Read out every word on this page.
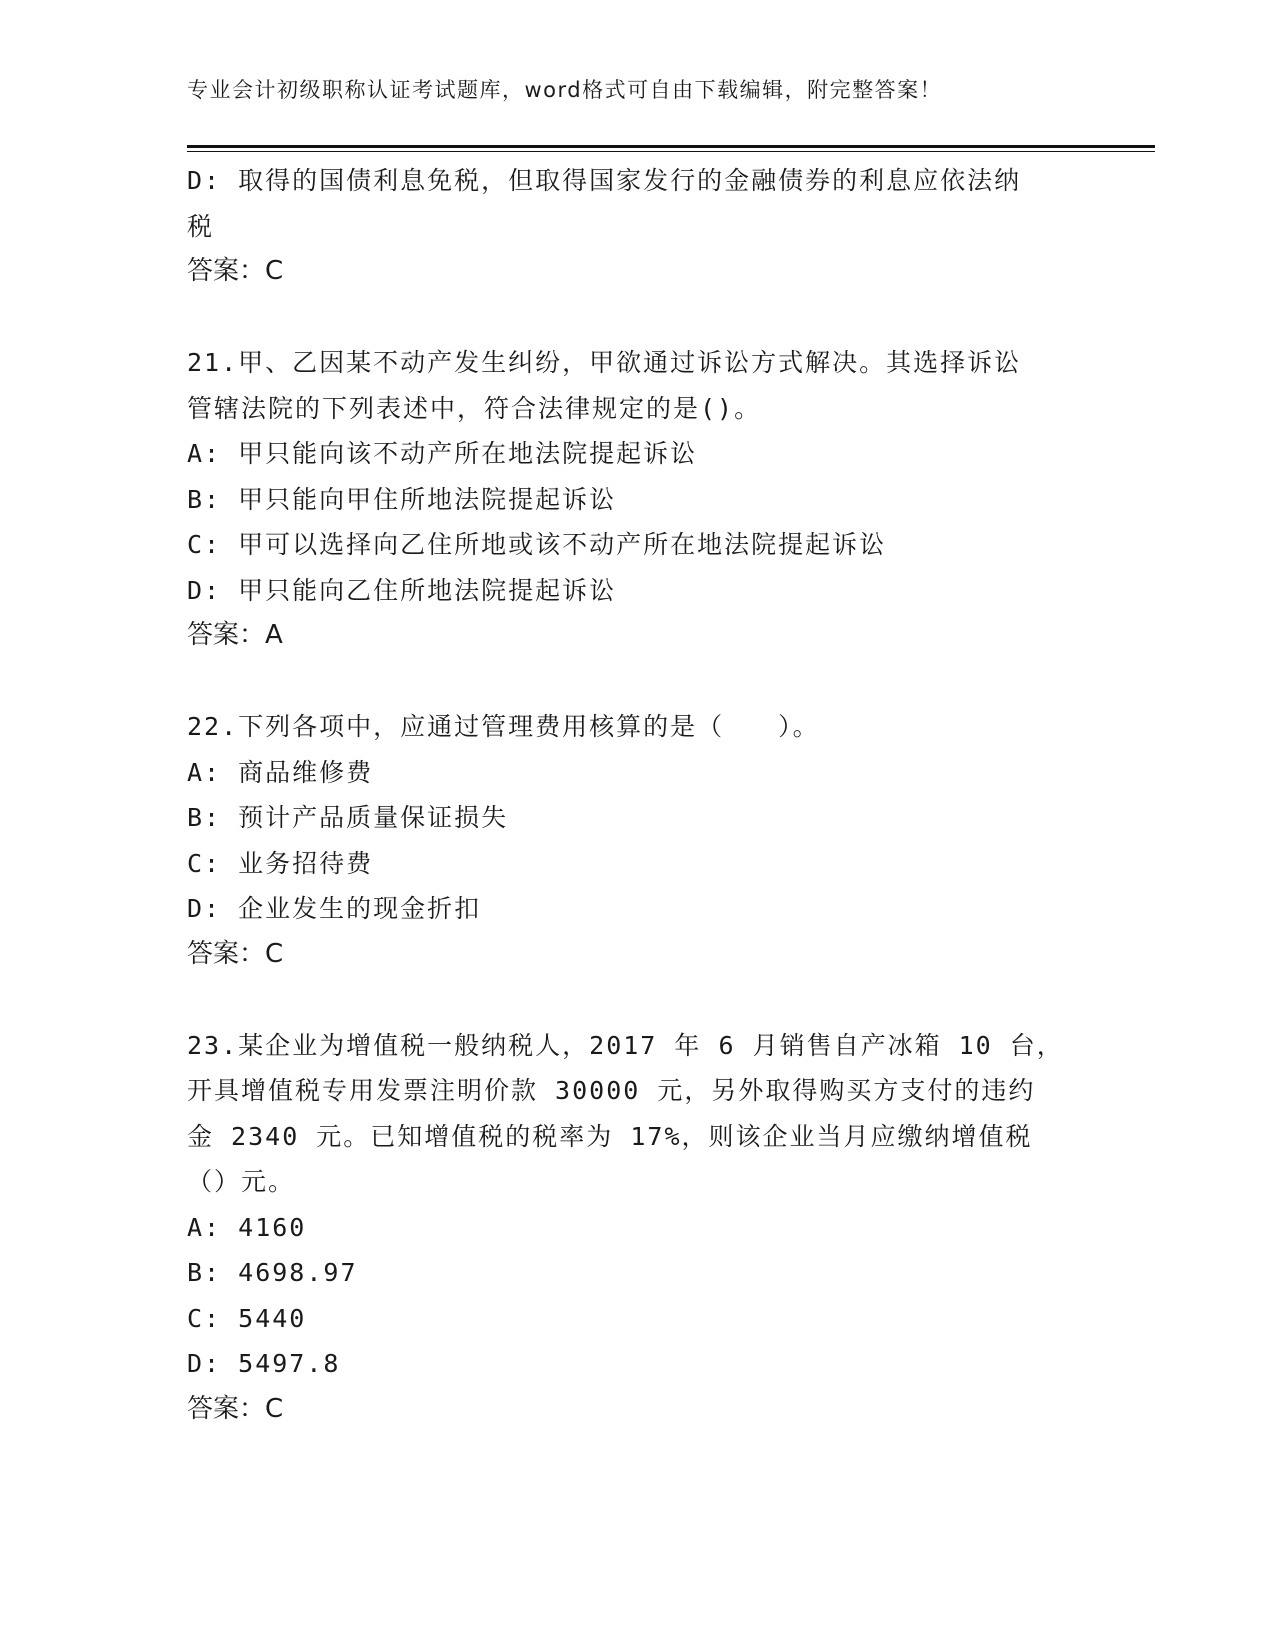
专业会计初级职称认证考试题库，word格式可自由下载编辑，附完整答案！
D: 取得的国债利息免税，但取得国家发行的金融债券的利息应依法纳
税
答案：C
21.甲、乙因某不动产发生纠纷，甲欲通过诉讼方式解决。其选择诉讼
管辖法院的下列表述中，符合法律规定的是()。
A: 甲只能向该不动产所在地法院提起诉讼
B: 甲只能向甲住所地法院提起诉讼
C: 甲可以选择向乙住所地或该不动产所在地法院提起诉讼
D: 甲只能向乙住所地法院提起诉讼
答案：A
22.下列各项中，应通过管理费用核算的是（　　）。
A: 商品维修费
B: 预计产品质量保证损失
C: 业务招待费
D: 企业发生的现金折扣
答案：C
23.某企业为增值税一般纳税人，2017 年 6 月销售自产冰箱 10 台，
开具增值税专用发票注明价款 30000 元，另外取得购买方支付的违约
金 2340 元。已知增值税的税率为 17%，则该企业当月应缴纳增值税
（）元。
A: 4160
B: 4698.97
C: 5440
D: 5497.8
答案：C
